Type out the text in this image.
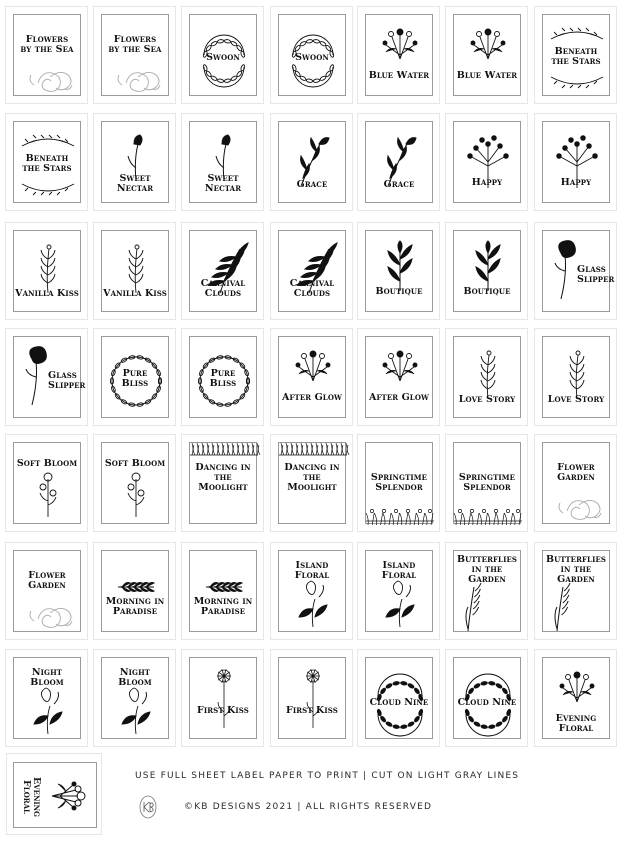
Flowers
by the Sea
Flowers
by the Sea
Swoon	Swoon
Blue Water	Blue Water
Beneath
the Stars
Beneath
the Stars
Sweet
Nectar
Sweet
Nectar	Grace	Grace	Happy	Happy
Vanilla Kiss	Vanilla Kiss
Carnival
Clouds
Carnival
Clouds	Boutique	Boutique
Glass
Slipper
Glass
Slipper
Pure
Bliss
Pure
Bliss
After Glow	After Glow	Love Story	Love Story
Soft Bloom	Soft Bloom	Dancing in
the
Moolight
Dancing in
the
Moolight
Springtime
Splendor
Springtime
Splendor
Flower
Garden
Flower
Garden
Morning in
Paradise
Morning in
Paradise
Island
Floral
Island
Floral
Butterflies
in the
Garden
Butterflies
in the
Garden
Night
Bloom
Night
Bloom
First Kiss	First Kiss
Cloud Nine	Cloud Nine
Evening
Floral
Evening
Floral
USE FULL SHEET LABEL PAPER TO PRINT | CUT ON LIGHT GRAY LINES
©KB DESIGNS 2021 | ALL RIGHTS RESERVED
